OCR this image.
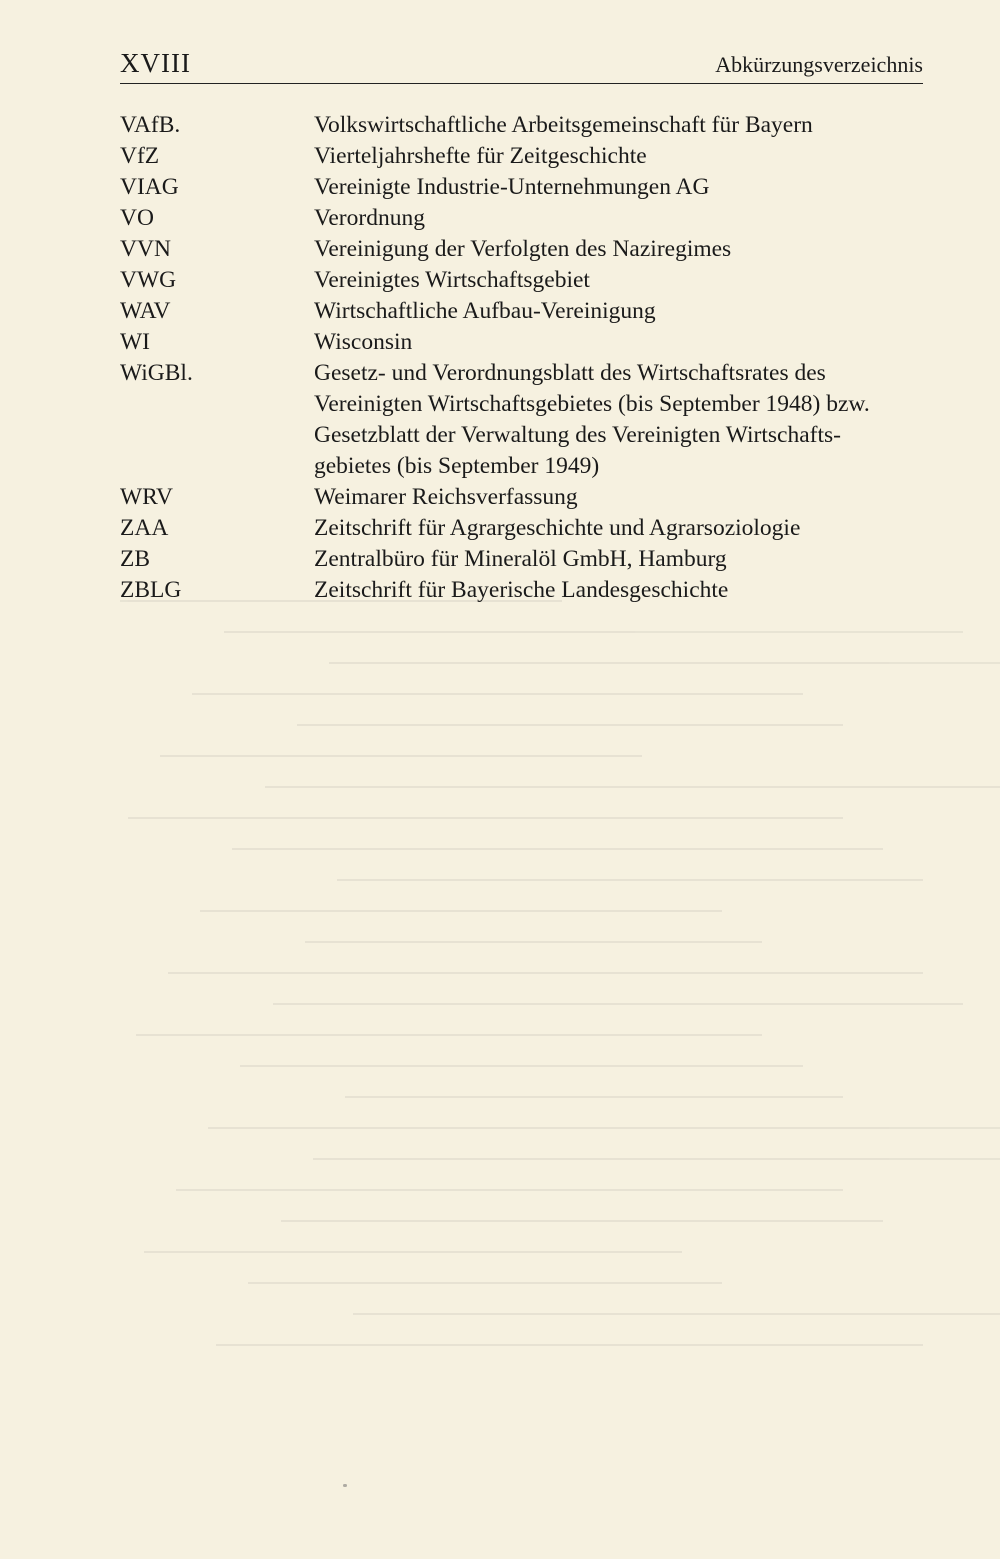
XVIII	Abkürzungsverzeichnis
VAfB.	Volkswirtschaftliche Arbeitsgemeinschaft für Bayern
VfZ	Vierteljahrshefte für Zeitgeschichte
VIAG	Vereinigte Industrie-Unternehmungen AG
VO	Verordnung
VVN	Vereinigung der Verfolgten des Naziregimes
VWG	Vereinigtes Wirtschaftsgebiet
WAV	Wirtschaftliche Aufbau-Vereinigung
WI	Wisconsin
WiGBl.	Gesetz- und Verordnungsblatt des Wirtschaftsrates des
Vereinigten Wirtschaftsgebietes (bis September 1948) bzw.
Gesetzblatt der Verwaltung des Vereinigten Wirtschafts-
gebietes (bis September 1949)
WRV	Weimarer Reichsverfassung
ZAA	Zeitschrift für Agrargeschichte und Agrarsoziologie
ZB	Zentralbüro für Mineralöl GmbH, Hamburg
ZBLG	Zeitschrift für Bayerische Landesgeschichte
